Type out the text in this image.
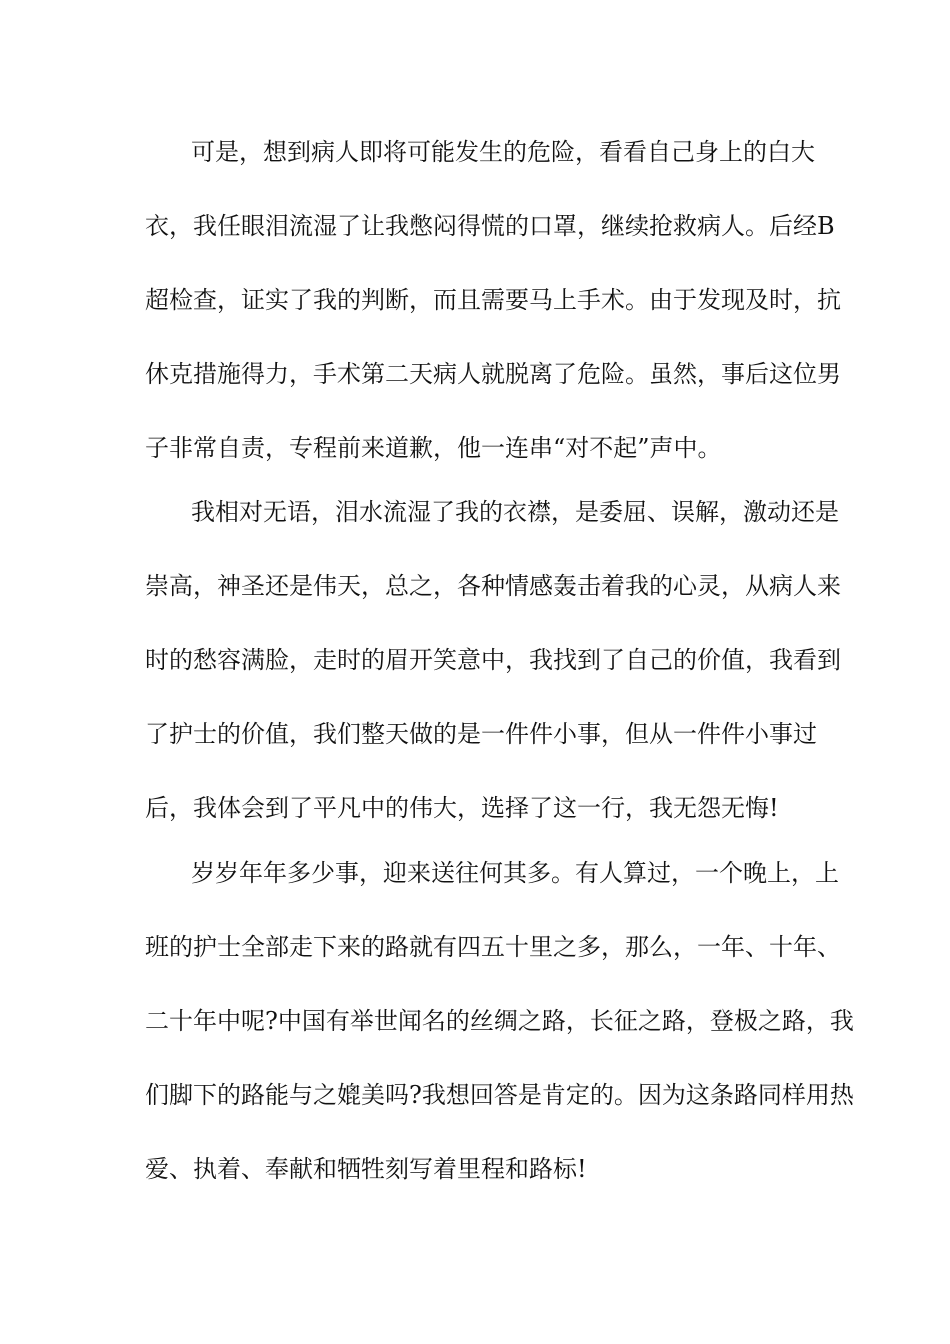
可是，想到病人即将可能发生的危险，看看自己身上的白大
衣，我任眼泪流湿了让我憋闷得慌的口罩，继续抢救病人。后经B
超检查，证实了我的判断，而且需要马上手术。由于发现及时，抗
休克措施得力，手术第二天病人就脱离了危险。虽然，事后这位男
子非常自责，专程前来道歉，他一连串“对不起”声中。
我相对无语，泪水流湿了我的衣襟，是委屈、误解，激动还是
崇高，神圣还是伟天，总之，各种情感轰击着我的心灵，从病人来
时的愁容满脸，走时的眉开笑意中，我找到了自己的价值，我看到
了护士的价值，我们整天做的是一件件小事，但从一件件小事过
后，我体会到了平凡中的伟大，选择了这一行，我无怨无悔!
岁岁年年多少事，迎来送往何其多。有人算过，一个晚上，上
班的护士全部走下来的路就有四五十里之多，那么，一年、十年、
二十年中呢?中国有举世闻名的丝绸之路，长征之路，登极之路，我
们脚下的路能与之媲美吗?我想回答是肯定的。因为这条路同样用热
爱、执着、奉献和牺牲刻写着里程和路标!
